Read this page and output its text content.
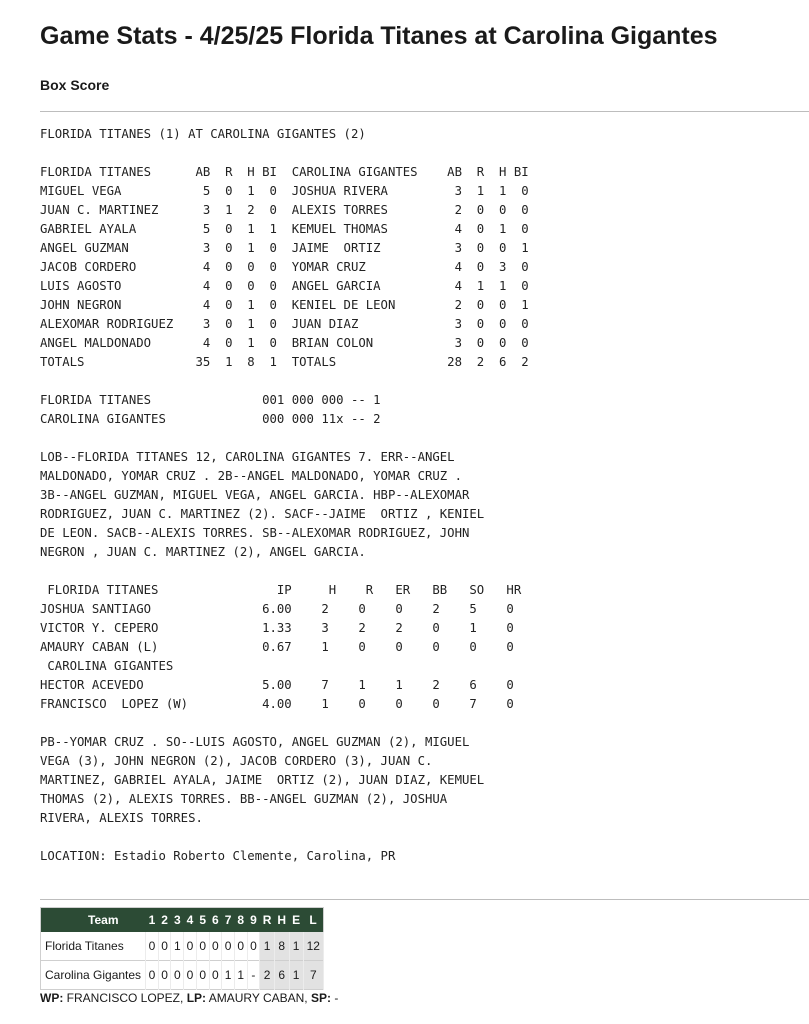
Game Stats - 4/25/25 Florida Titanes at Carolina Gigantes
Box Score
FLORIDA TITANES (1) AT CAROLINA GIGANTES (2)

FLORIDA TITANES      AB  R  H BI  CAROLINA GIGANTES    AB  R  H BI
MIGUEL VEGA           5  0  1  0  JOSHUA RIVERA         3  1  1  0
JUAN C. MARTINEZ      3  1  2  0  ALEXIS TORRES         2  0  0  0
GABRIEL AYALA         5  0  1  1  KEMUEL THOMAS         4  0  1  0
ANGEL GUZMAN          3  0  1  0  JAIME  ORTIZ          3  0  0  1
JACOB CORDERO         4  0  0  0  YOMAR CRUZ            4  0  3  0
LUIS AGOSTO           4  0  0  0  ANGEL GARCIA          4  1  1  0
JOHN NEGRON           4  0  1  0  KENIEL DE LEON        2  0  0  1
ALEXOMAR RODRIGUEZ    3  0  1  0  JUAN DIAZ             3  0  0  0
ANGEL MALDONADO       4  0  1  0  BRIAN COLON           3  0  0  0
TOTALS               35  1  8  1  TOTALS               28  2  6  2

FLORIDA TITANES               001 000 000 -- 1
CAROLINA GIGANTES             000 000 11x -- 2

LOB--FLORIDA TITANES 12, CAROLINA GIGANTES 7. ERR--ANGEL
MALDONADO, YOMAR CRUZ . 2B--ANGEL MALDONADO, YOMAR CRUZ .
3B--ANGEL GUZMAN, MIGUEL VEGA, ANGEL GARCIA. HBP--ALEXOMAR
RODRIGUEZ, JUAN C. MARTINEZ (2). SACF--JAIME  ORTIZ , KENIEL
DE LEON. SACB--ALEXIS TORRES. SB--ALEXOMAR RODRIGUEZ, JOHN
NEGRON , JUAN C. MARTINEZ (2), ANGEL GARCIA.

FLORIDA TITANES                IP     H    R   ER   BB   SO   HR
JOSHUA SANTIAGO               6.00    2    0    0    2    5    0
VICTOR Y. CEPERO              1.33    3    2    2    0    1    0
AMAURY CABAN (L)              0.67    1    0    0    0    0    0
CAROLINA GIGANTES
HECTOR ACEVEDO                5.00    7    1    1    2    6    0
FRANCISCO  LOPEZ (W)          4.00    1    0    0    0    7    0

PB--YOMAR CRUZ . SO--LUIS AGOSTO, ANGEL GUZMAN (2), MIGUEL
VEGA (3), JOHN NEGRON (2), JACOB CORDERO (3), JUAN C.
MARTINEZ, GABRIEL AYALA, JAIME  ORTIZ (2), JUAN DIAZ, KEMUEL
THOMAS (2), ALEXIS TORRES. BB--ANGEL GUZMAN (2), JOSHUA
RIVERA, ALEXIS TORRES.

LOCATION: Estadio Roberto Clemente, Carolina, PR
Team	1	2	3	4	5	6	7	8	9	R	H	E	L
Florida Titanes	0	0	1	0	0	0	0	0	0	1	8	1	12
Carolina Gigantes	0	0	0	0	0	0	1	1	-	2	6	1	7
WP: FRANCISCO LOPEZ, LP: AMAURY CABAN, SP: -
